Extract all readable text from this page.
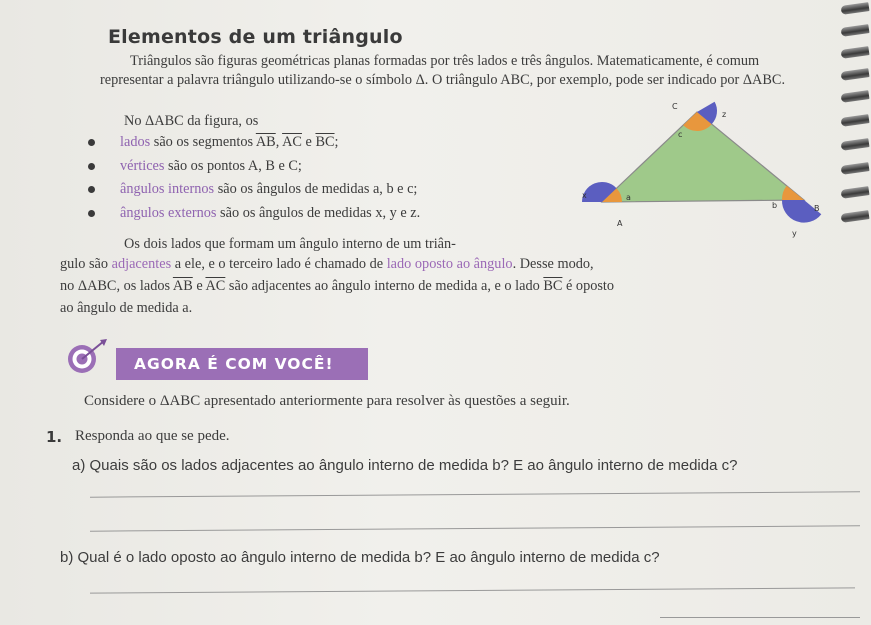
Elementos de um triângulo

Triângulos são figuras geométricas planas formadas por três lados e três ângulos. Matematicamente, é comum representar a palavra triângulo utilizando-se o símbolo Δ. O triângulo ABC, por exemplo, pode ser indicado por ΔABC.

No ΔABC da figura, os

lados são os segmentos $\overline{AB}$, $\overline{AC}$ e $\overline{BC}$;
vértices são os pontos A, B e C;
ângulos internos são os ângulos de medidas a, b e c;
ângulos externos são os ângulos de medidas x, y e z.
a
b
c
x
y
z
A
B
C

Os dois lados que formam um ângulo interno de um triân-

gulo são adjacentes a ele, e o terceiro lado é chamado de lado oposto ao ângulo. Desse modo,
no ΔABC, os lados $\overline{AB}$ e $\overline{AC}$ são adjacentes ao ângulo interno de medida a, e o lado $\overline{BC}$ é oposto
ao ângulo de medida a.

AGORA É COM VOCÊ!

Considere o ΔABC apresentado anteriormente para resolver às questões a seguir.

1. Responda ao que se pede.

a) Quais são os lados adjacentes ao ângulo interno de medida b? E ao ângulo interno de medida c?

b) Qual é o lado oposto ao ângulo interno de medida b? E ao ângulo interno de medida c?
